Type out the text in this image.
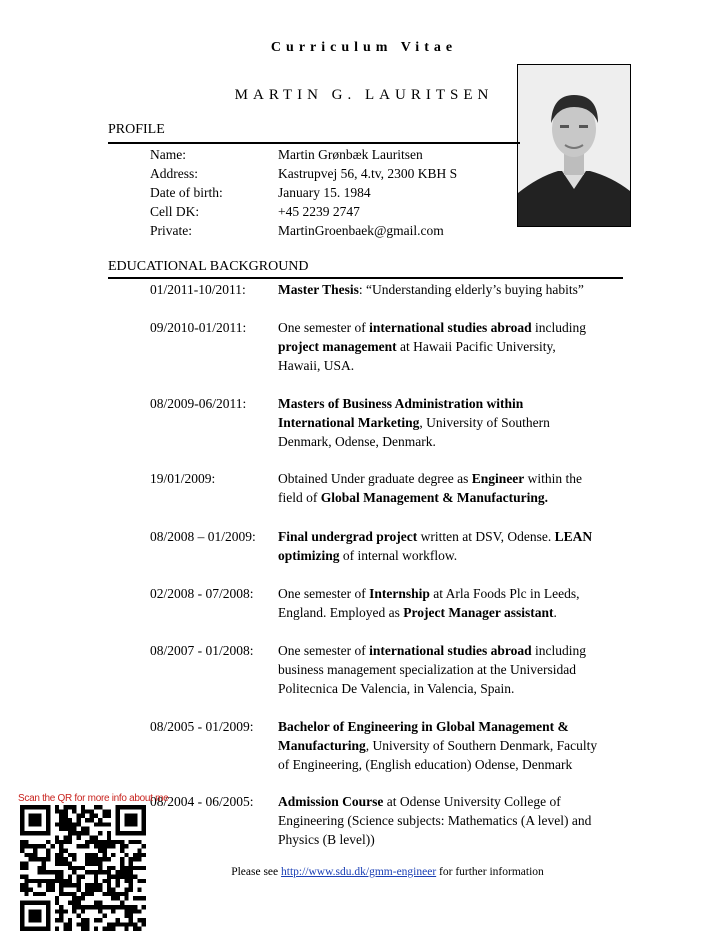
Curriculum Vitae
MARTIN G. LAURITSEN
PROFILE
Name:	Martin Grønbæk Lauritsen
Address:	Kastrupvej 56, 4.tv, 2300 KBH S
Date of birth:	January 15. 1984
Cell DK:	+45 2239 2747
Private:	MartinGroenbaek@gmail.com
EDUCATIONAL BACKGROUND
01/2011-10/2011: Master Thesis: “Understanding elderly’s buying habits”
09/2010-01/2011: One semester of international studies abroad including
project management at Hawaii Pacific University,
Hawaii, USA.
08/2009-06/2011: Masters of Business Administration within
International Marketing, University of Southern
Denmark, Odense, Denmark.
19/01/2009:	Obtained Under graduate degree as Engineer within the
field of Global Management & Manufacturing.
08/2008 – 01/2009: Final undergrad project written at DSV, Odense. LEAN
optimizing of internal workflow.
02/2008 - 07/2008: One semester of Internship at Arla Foods Plc in Leeds,
England. Employed as Project Manager assistant.
08/2007 - 01/2008: One semester of international studies abroad including
business management specialization at the Universidad
Politecnica De Valencia, in Valencia, Spain.
08/2005 - 01/2009: Bachelor of Engineering in Global Management &
Manufacturing, University of Southern Denmark, Faculty
of Engineering, (English education) Odense, Denmark
08/2004 - 06/2005: Admission Course at Odense University College of
Engineering (Science subjects: Mathematics (A level) and
Physics (B level))
Scan the QR for more info about me
Please see http://www.sdu.dk/gmm-engineer for further information
